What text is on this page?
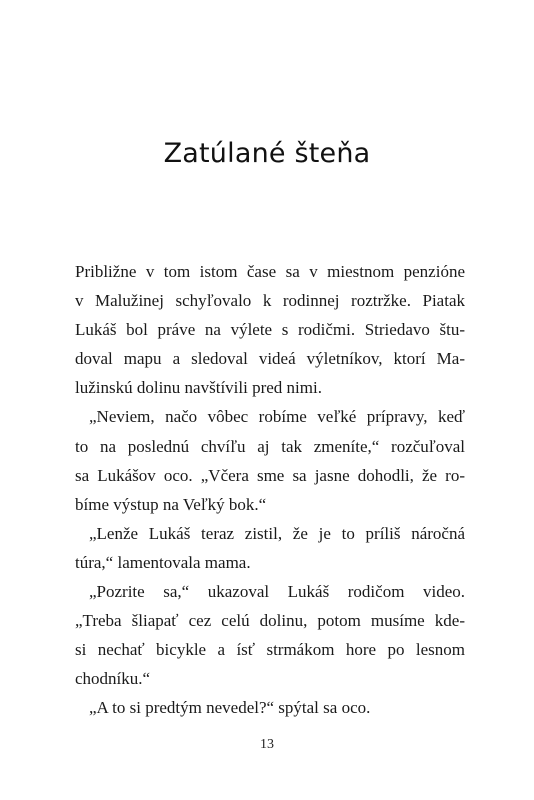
Zatúlané šteňa
Približne v tom istom čase sa v miestnom penzióne
v Malužinej schyľovalo k rodinnej roztržke. Piatak
Lukáš bol práve na výlete s rodičmi. Striedavo štu-
doval mapu a sledoval videá výletníkov, ktorí Ma-
lužinskú dolinu navštívili pred nimi.
„Neviem, načo vôbec robíme veľké prípravy, keď
to na poslednú chvíľu aj tak zmeníte,“ rozčuľoval
sa Lukášov oco. „Včera sme sa jasne dohodli, že ro-
bíme výstup na Veľký bok.“
„Lenže Lukáš teraz zistil, že je to príliš náročná
túra,“ lamentovala mama.
„Pozrite sa,“ ukazoval Lukáš rodičom video.
„Treba šliapať cez celú dolinu, potom musíme kde-
si nechať bicykle a ísť strmákom hore po lesnom
chodníku.“
„A to si predtým nevedel?“ spýtal sa oco.
13
